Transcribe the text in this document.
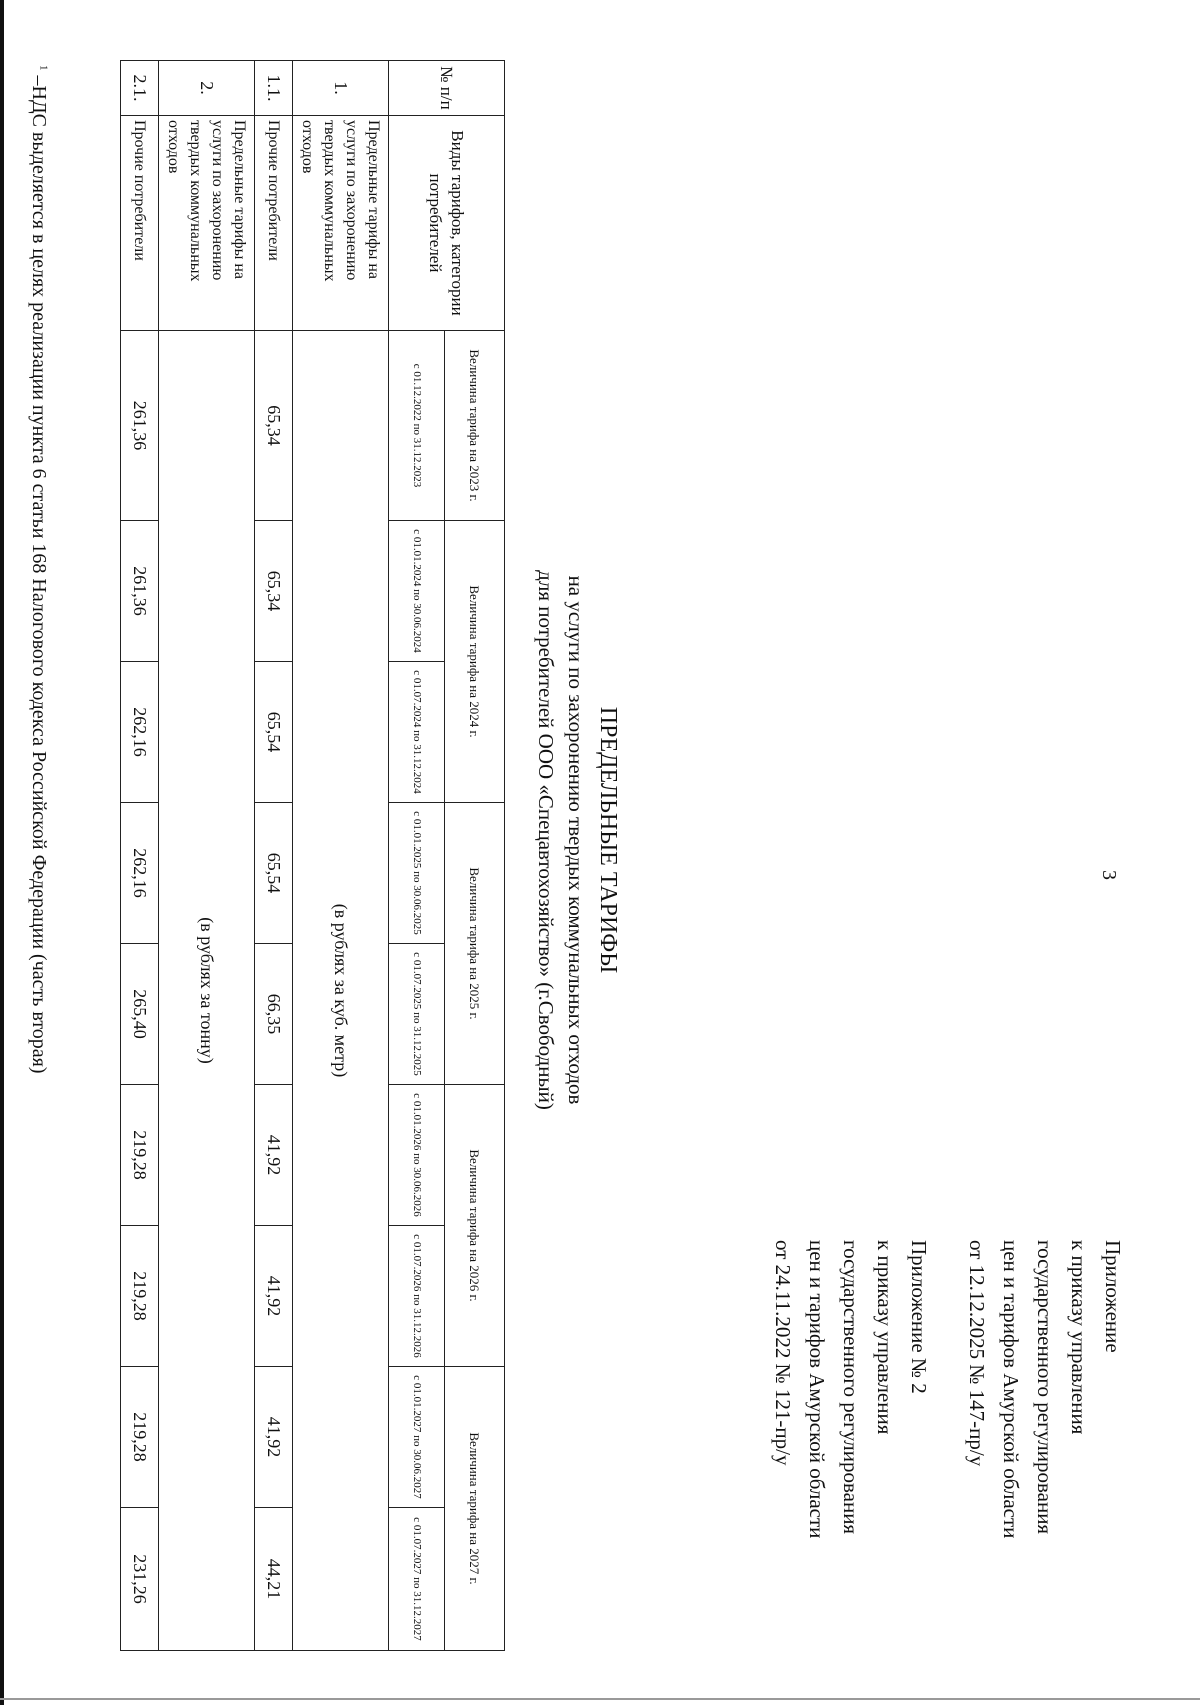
3
Приложение
к приказу управления
государственного регулирования
цен и тарифов Амурской области
от 12.12.2025 № 147-пр/у
Приложение № 2
к приказу управления
государственного регулирования
цен и тарифов Амурской области
от 24.11.2022 № 121-пр/у
ПРЕДЕЛЬНЫЕ ТАРИФЫ
на услуги по захоронению твердых коммунальных отходов
для потребителей ООО «Спецавтохозяйство» (г.Свободный)
№ п/п	Виды тарифов, категории потребителей	Величина тарифа на 2023 г.	Величина тарифа на 2024 г.		Величина тарифа на 2025 г.		Величина тарифа на 2026 г.		Величина тарифа на 2027 г.	
		с 01.12.2022 по 31.12.2023	с 01.01.2024 по 30.06.2024	с 01.07.2024 по 31.12.2024	с 01.01.2025 по 30.06.2025	с 01.07.2025 по 31.12.2025	с 01.01.2026 по 30.06.2026	с 01.07.2026 по 31.12.2026	с 01.01.2027 по 30.06.2027	с 01.07.2027 по 31.12.2027
1.	Предельные тарифы на услуги по захоронению твердых коммунальных отходов	(в рублях за куб. метр)								
1.1.	Прочие потребители	65,34	65,34	65,54	65,54	66,35	41,92	41,92	41,92	44,21
2.	Предельные тарифы на услуги по захоронению твердых коммунальных отходов	(в рублях за тонну)								
2.1.	Прочие потребители	261,36	261,36	262,16	262,16	265,40	219,28	219,28	219,28	231,26
$^1$ –НДС выделяется в целях реализации пункта 6 статьи 168 Налогового кодекса Российской Федерации (часть вторая)
